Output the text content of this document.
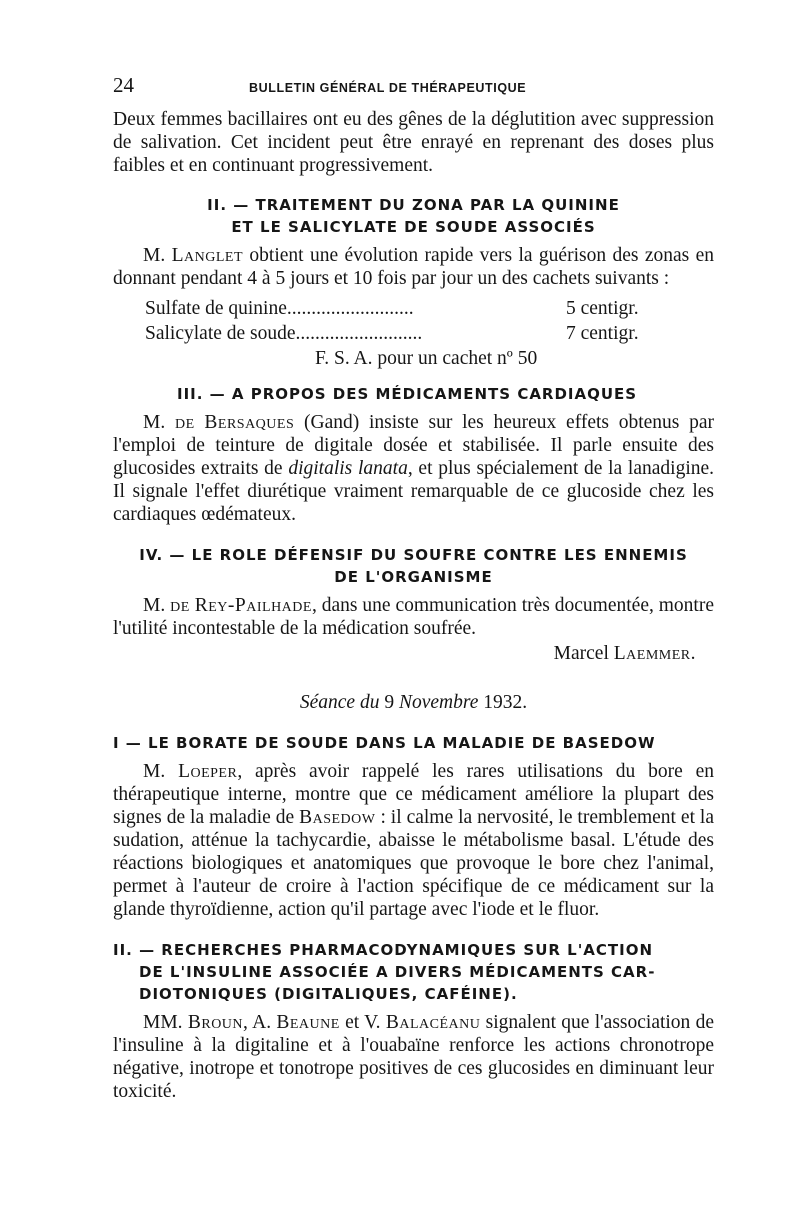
24	BULLETIN GÉNÉRAL DE THÉRAPEUTIQUE

Deux femmes bacillaires ont eu des gênes de la déglutition avec suppression de salivation. Cet incident peut être enrayé en reprenant des doses plus faibles et en continuant progressivement.

II. — TRAITEMENT DU ZONA PAR LA QUININE
ET LE SALICYLATE DE SOUDE ASSOCIÉS

M. Langlet obtient une évolution rapide vers la guérison des zonas en donnant pendant 4 à 5 jours et 10 fois par jour un des cachets suivants :

Sulfate de quinine..........................	5 centigr.
Salicylate de soude..........................	7 centigr.
F. S. A. pour un cachet nº 50
III. — A PROPOS DES MÉDICAMENTS CARDIAQUES

M. de Bersaques (Gand) insiste sur les heureux effets obtenus par l'emploi de teinture de digitale dosée et stabilisée. Il parle ensuite des glucosides extraits de digitalis lanata, et plus spécialement de la lanadigine. Il signale l'effet diurétique vraiment remarquable de ce glucoside chez les cardiaques œdémateux.

IV. — LE ROLE DÉFENSIF DU SOUFRE CONTRE LES ENNEMIS
DE L'ORGANISME

M. de Rey-Pailhade, dans une communication très documentée, montre l'utilité incontestable de la médication soufrée.

Marcel Laemmer.
Séance du 9 Novembre 1932.
I — LE BORATE DE SOUDE DANS LA MALADIE DE BASEDOW

M. Loeper, après avoir rappelé les rares utilisations du bore en thérapeutique interne, montre que ce médicament améliore la plupart des signes de la maladie de Basedow : il calme la nervosité, le tremblement et la sudation, atténue la tachycardie, abaisse le métabolisme basal. L'étude des réactions biologiques et anatomiques que provoque le bore chez l'animal, permet à l'auteur de croire à l'action spécifique de ce médicament sur la glande thyroïdienne, action qu'il partage avec l'iode et le fluor.

II. — RECHERCHES PHARMACODYNAMIQUES SUR L'ACTION
DE L'INSULINE ASSOCIÉE A DIVERS MÉDICAMENTS CAR-
DIOTONIQUES (DIGITALIQUES, CAFÉINE).

MM. Broun, A. Beaune et V. Balacéanu signalent que l'association de l'insuline à la digitaline et à l'ouabaïne renforce les actions chronotrope négative, inotrope et tonotrope positives de ces glucosides en diminuant leur toxicité.
